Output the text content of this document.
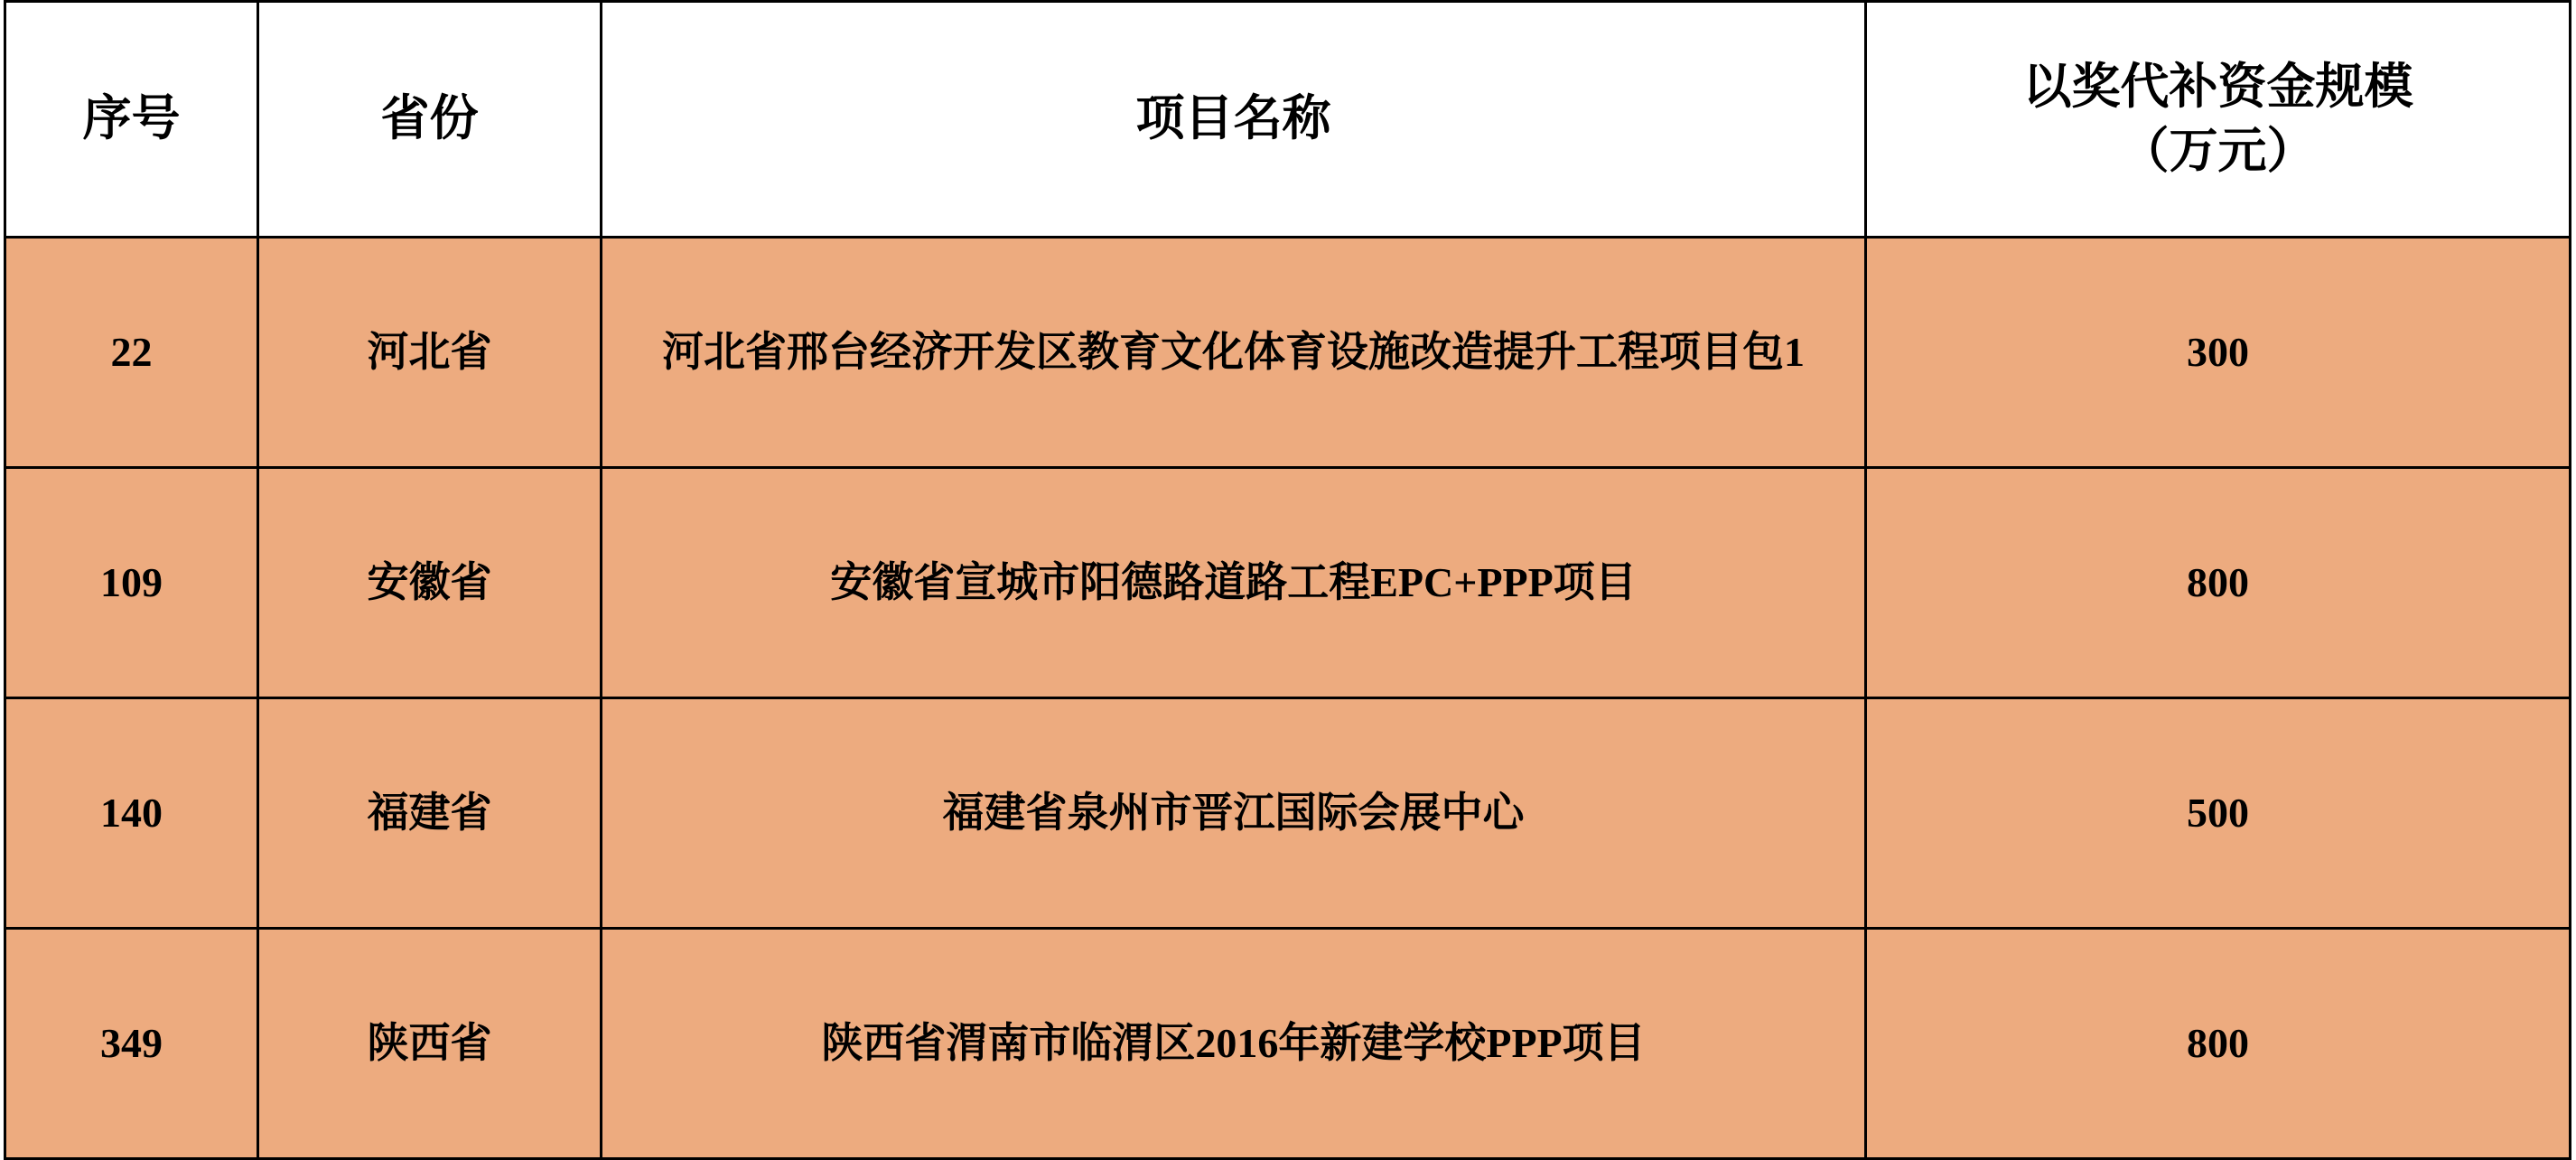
序号	省份	项目名称	以奖代补资金规模
（万元）

22	河北省	河北省邢台经济开发区教育文化体育设施改造提升工程项目包1	300
109	安徽省	安徽省宣城市阳德路道路工程EPC+PPP项目	800
140	福建省	福建省泉州市晋江国际会展中心	500
349	陕西省	陕西省渭南市临渭区2016年新建学校PPP项目	800
